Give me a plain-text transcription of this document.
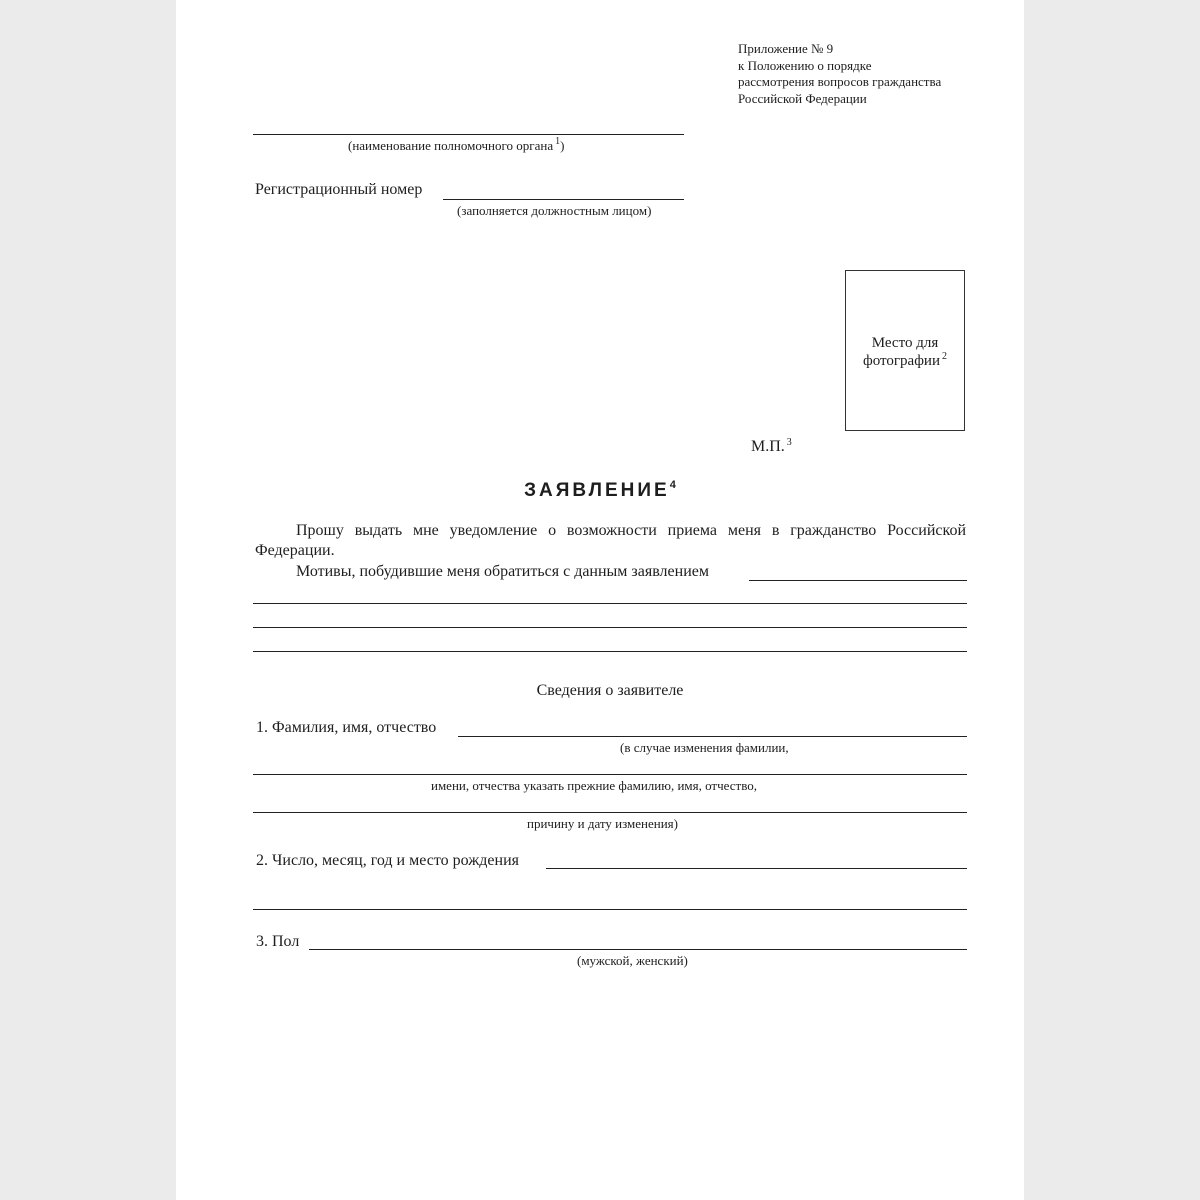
Приложение № 9
к Положению о порядке
рассмотрения вопросов гражданства
Российской Федерации
(наименование полномочного органа $^1$)
Регистрационный номер
(заполняется должностным лицом)
Место для
фотографии $^2$
М.П. $^3$
ЗАЯВЛЕНИЕ$^4$
Прошу выдать мне уведомление о возможности приема меня в гражданство Российской Федерации.
Мотивы, побудившие меня обратиться с данным заявлением
Сведения о заявителе
1. Фамилия, имя, отчество
(в случае изменения фамилии,
имени, отчества указать прежние фамилию, имя, отчество,
причину и дату изменения)
2. Число, месяц, год и место рождения
3. Пол
(мужской, женский)
